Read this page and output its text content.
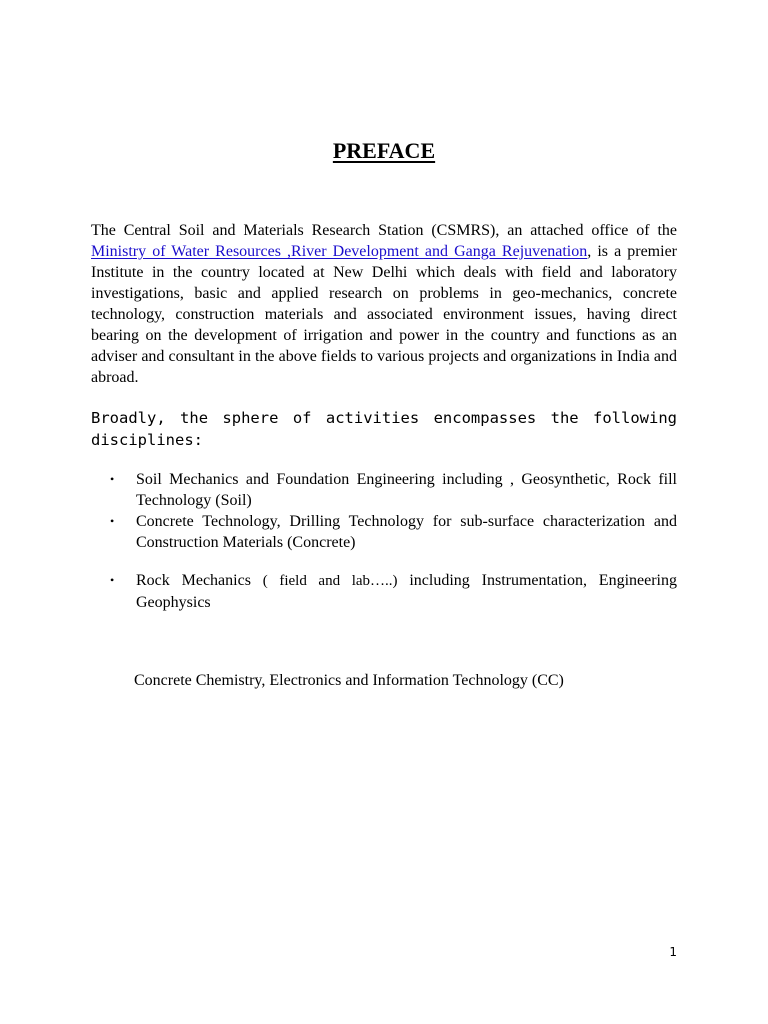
PREFACE

The Central Soil and Materials Research Station (CSMRS), an attached office of the Ministry of Water Resources ,River Development and Ganga Rejuvenation, is a premier Institute in the country located at New Delhi which deals with field and laboratory investigations, basic and applied research on problems in geo-mechanics, concrete technology, construction materials and associated environment issues, having direct bearing on the development of irrigation and power in the country and functions as an adviser and consultant in the above fields to various projects and organizations in India and abroad.

Broadly, the sphere of activities encompasses the following disciplines:

• Soil Mechanics and Foundation Engineering including , Geosynthetic, Rock fill Technology (Soil)
• Concrete Technology, Drilling Technology for sub-surface characterization and Construction Materials (Concrete)
• Rock Mechanics ( field and lab…..) including Instrumentation, Engineering Geophysics

Concrete Chemistry, Electronics and Information Technology (CC)

1
